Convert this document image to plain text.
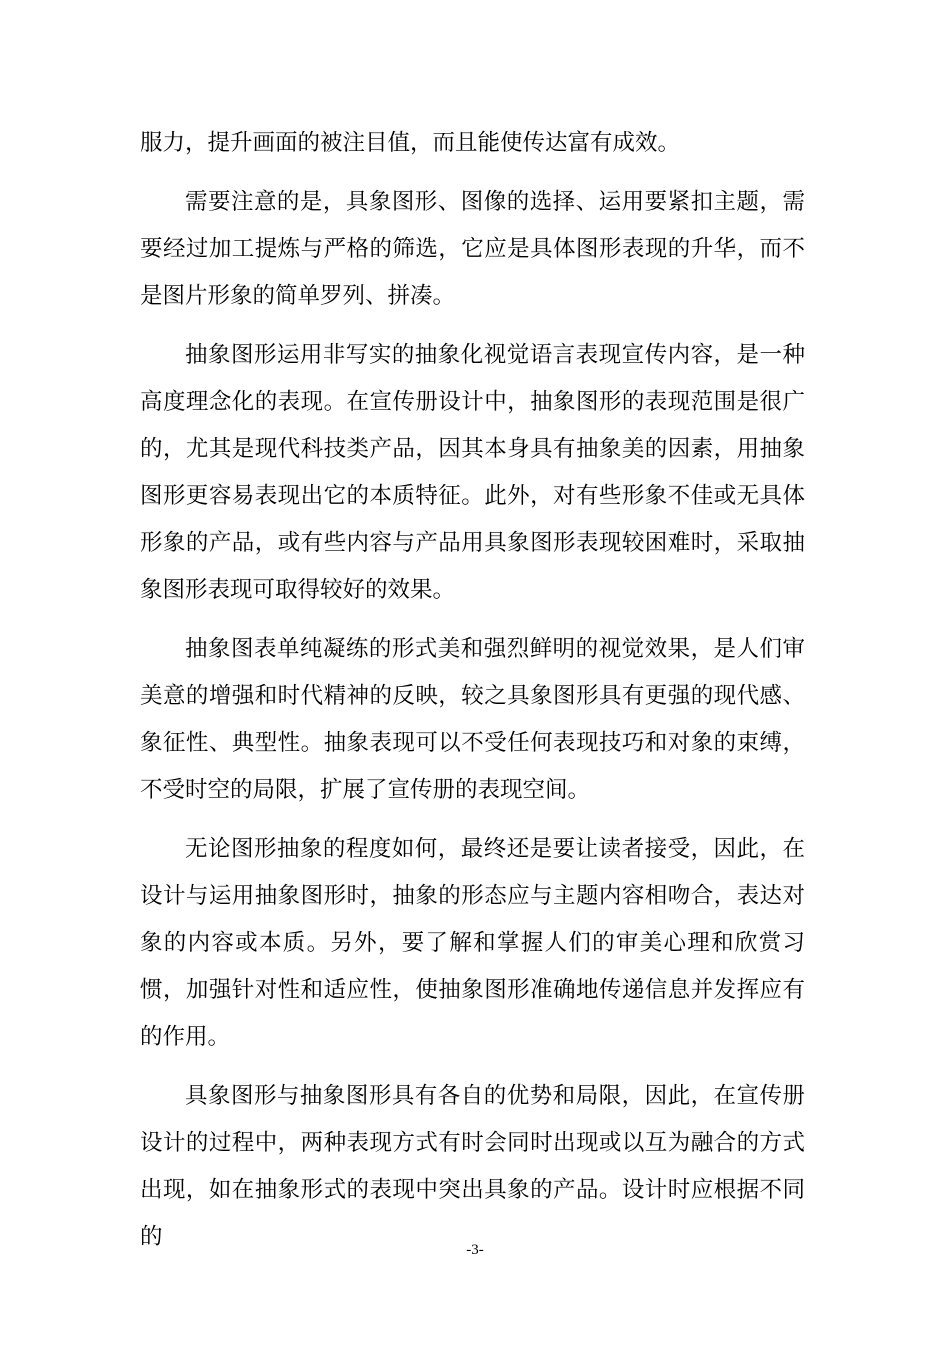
服力，提升画面的被注目值，而且能使传达富有成效。

需要注意的是，具象图形、图像的选择、运用要紧扣主题，需要经过加工提炼与严格的筛选，它应是具体图形表现的升华，而不是图片形象的简单罗列、拼凑。

抽象图形运用非写实的抽象化视觉语言表现宣传内容，是一种高度理念化的表现。在宣传册设计中，抽象图形的表现范围是很广的，尤其是现代科技类产品，因其本身具有抽象美的因素，用抽象图形更容易表现出它的本质特征。此外，对有些形象不佳或无具体形象的产品，或有些内容与产品用具象图形表现较困难时，采取抽象图形表现可取得较好的效果。

抽象图表单纯凝练的形式美和强烈鲜明的视觉效果，是人们审美意的增强和时代精神的反映，较之具象图形具有更强的现代感、象征性、典型性。抽象表现可以不受任何表现技巧和对象的束缚，不受时空的局限，扩展了宣传册的表现空间。

无论图形抽象的程度如何，最终还是要让读者接受，因此，在设计与运用抽象图形时，抽象的形态应与主题内容相吻合，表达对象的内容或本质。另外，要了解和掌握人们的审美心理和欣赏习惯，加强针对性和适应性，使抽象图形准确地传递信息并发挥应有的作用。

具象图形与抽象图形具有各自的优势和局限，因此，在宣传册设计的过程中，两种表现方式有时会同时出现或以互为融合的方式出现，如在抽象形式的表现中突出具象的产品。设计时应根据不同的	-3-
